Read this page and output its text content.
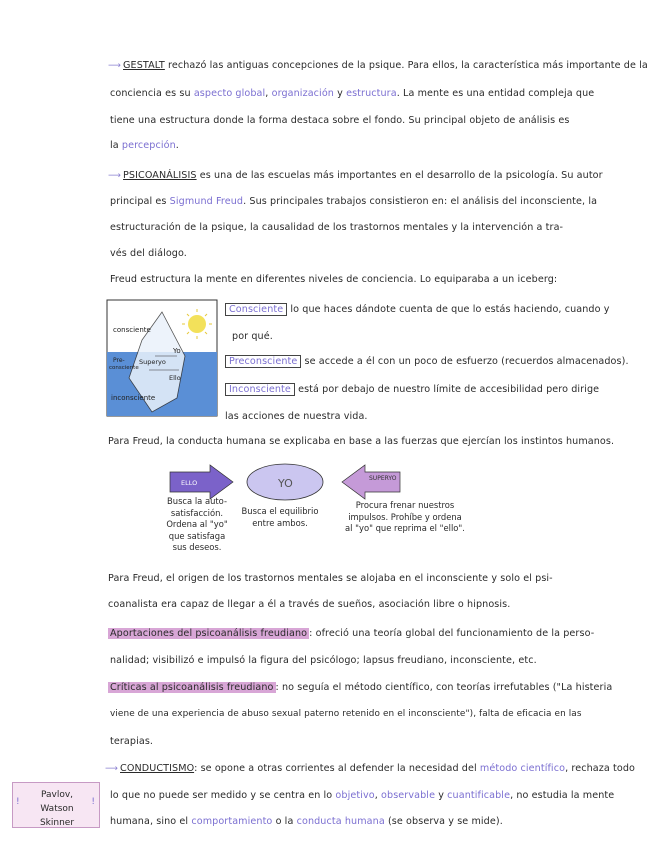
⟶ GESTALT rechazó las antiguas concepciones de la psique. Para ellos, la característica más importante de la
conciencia es su aspecto global, organización y estructura. La mente es una entidad compleja que
tiene una estructura donde la forma destaca sobre el fondo. Su principal objeto de análisis es
la percepción.
⟶ PSICOANÁLISIS es una de las escuelas más importantes en el desarrollo de la psicología. Su autor
principal es Sigmund Freud. Sus principales trabajos consistieron en: el análisis del inconsciente, la
estructuración de la psique, la causalidad de los trastornos mentales y la intervención a tra-
vés del diálogo.
Freud estructura la mente en diferentes niveles de conciencia. Lo equiparaba a un iceberg:
consciente
Pre-
consciente
Superyo
Yo
Ello
inconsciente
Consciente lo que haces dándote cuenta de que lo estás haciendo, cuando y
por qué.
Preconsciente se accede a él con un poco de esfuerzo (recuerdos almacenados).
Inconsciente está por debajo de nuestro límite de accesibilidad pero dirige
las acciones de nuestra vida.
Para Freud, la conducta humana se explicaba en base a las fuerzas que ejercían los instintos humanos.
ELLO	YO	SUPERYO
Busca la auto-
satisfacción.
Ordena al "yo"
que satisfaga
sus deseos.
Busca el equilibrio
entre ambos.
Procura frenar nuestros
impulsos. Prohíbe y ordena
al "yo" que reprima el "ello".
Para Freud, el origen de los trastornos mentales se alojaba en el inconsciente y solo el psi-
coanalista era capaz de llegar a él a través de sueños, asociación libre o hipnosis.
Aportaciones del psicoanálisis freudiano : ofreció una teoría global del funcionamiento de la perso-
nalidad; visibilizó e impulsó la figura del psicólogo; lapsus freudiano, inconsciente, etc.
Críticas al psicoanálisis freudiano : no seguía el método científico, con teorías irrefutables ("La histeria
viene de una experiencia de abuso sexual paterno retenido en el inconsciente"), falta de eficacia en las
terapias.
⟶ CONDUCTISMO: se opone a otras corrientes al defender la necesidad del método científico, rechaza todo
lo que no puede ser medido y se centra en lo objetivo, observable y cuantificable, no estudia la mente
humana, sino el comportamiento o la conducta humana (se observa y se mide).
!
Pavlov, Watson
Skinner
!
